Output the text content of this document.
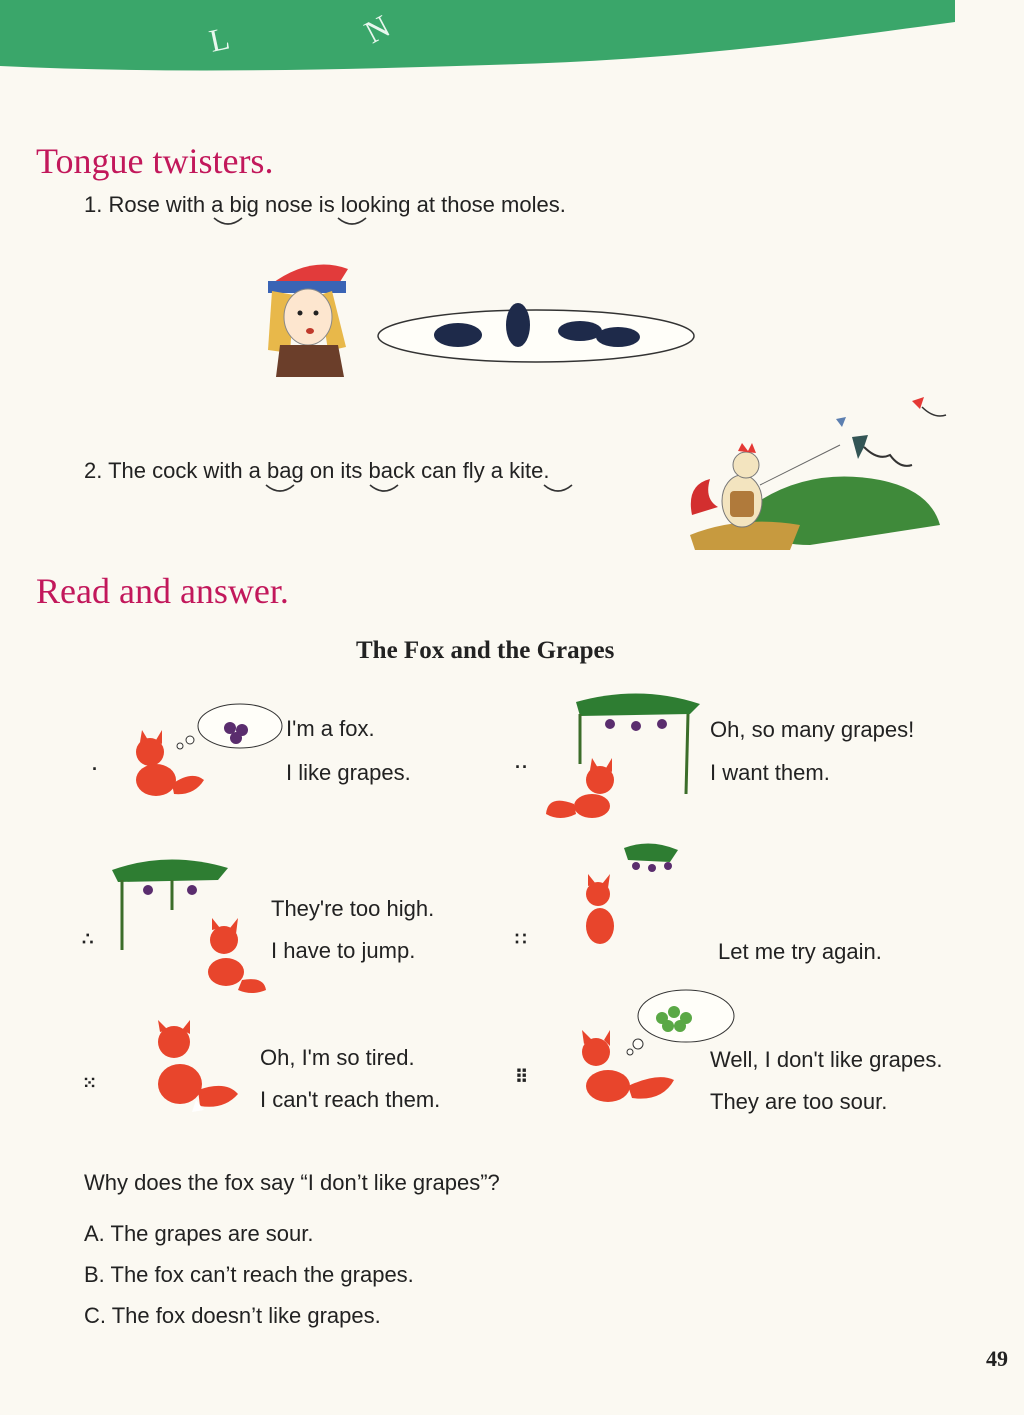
L	N
Tongue twisters.
1. Rose with a big nose is looking at those moles.
2. The cock with a bag on its back can fly a kite.
Read and answer.
The Fox and the Grapes
·
I'm a fox.
I like grapes.	··
Oh, so many grapes!
I want them.
∴
They're too high.
I have to jump.	∷	Let me try again.
⁙
Oh, I'm so tired.
I can't reach them.
⠿
Well, I don't like grapes.
They are too sour.
Why does the fox say “I don’t like grapes”?
A. The grapes are sour.
B. The fox can’t reach the grapes.
C. The fox doesn’t like grapes.
49
